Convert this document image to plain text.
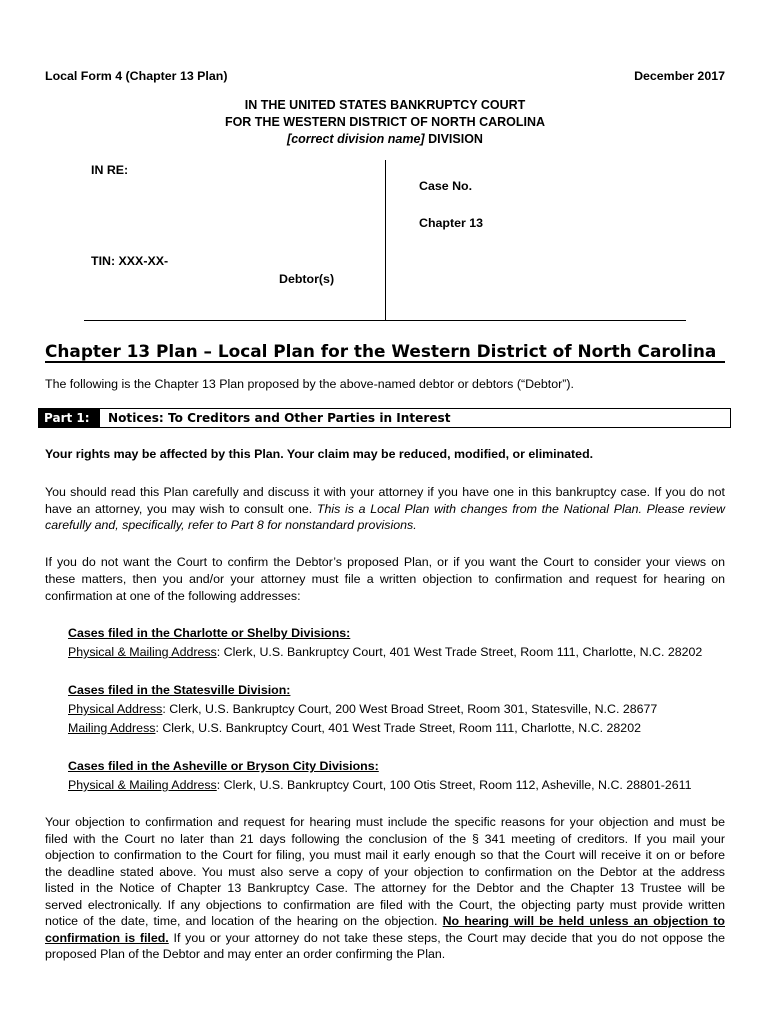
Local Form 4 (Chapter 13 Plan)	December 2017
IN THE UNITED STATES BANKRUPTCY COURT
FOR THE WESTERN DISTRICT OF NORTH CAROLINA
[correct division name] DIVISION
IN RE:
Case No.
Chapter 13
TIN: XXX-XX-
Debtor(s)
Chapter 13 Plan – Local Plan for the Western District of North Carolina
The following is the Chapter 13 Plan proposed by the above-named debtor or debtors (“Debtor”).
Part 1:	Notices: To Creditors and Other Parties in Interest
Your rights may be affected by this Plan. Your claim may be reduced, modified, or eliminated.
You should read this Plan carefully and discuss it with your attorney if you have one in this bankruptcy case. If you do not
have an attorney, you may wish to consult one. This is a Local Plan with changes from the National Plan. Please review
carefully and, specifically, refer to Part 8 for nonstandard provisions.
If you do not want the Court to confirm the Debtor’s proposed Plan, or if you want the Court to consider your views on
these matters, then you and/or your attorney must file a written objection to confirmation and request for hearing on
confirmation at one of the following addresses:
Cases filed in the Charlotte or Shelby Divisions:
Physical & Mailing Address: Clerk, U.S. Bankruptcy Court, 401 West Trade Street, Room 111, Charlotte, N.C. 28202
Cases filed in the Statesville Division:
Physical Address: Clerk, U.S. Bankruptcy Court, 200 West Broad Street, Room 301, Statesville, N.C. 28677
Mailing Address: Clerk, U.S. Bankruptcy Court, 401 West Trade Street, Room 111, Charlotte, N.C. 28202
Cases filed in the Asheville or Bryson City Divisions:
Physical & Mailing Address: Clerk, U.S. Bankruptcy Court, 100 Otis Street, Room 112, Asheville, N.C. 28801-2611
Your objection to confirmation and request for hearing must include the specific reasons for your objection and must be
filed with the Court no later than 21 days following the conclusion of the § 341 meeting of creditors. If you mail your
objection to confirmation to the Court for filing, you must mail it early enough so that the Court will receive it on or before
the deadline stated above. You must also serve a copy of your objection to confirmation on the Debtor at the address
listed in the Notice of Chapter 13 Bankruptcy Case. The attorney for the Debtor and the Chapter 13 Trustee will be
served electronically. If any objections to confirmation are filed with the Court, the objecting party must provide written
notice of the date, time, and location of the hearing on the objection. No hearing will be held unless an objection to
confirmation is filed. If you or your attorney do not take these steps, the Court may decide that you do not oppose the
proposed Plan of the Debtor and may enter an order confirming the Plan.
